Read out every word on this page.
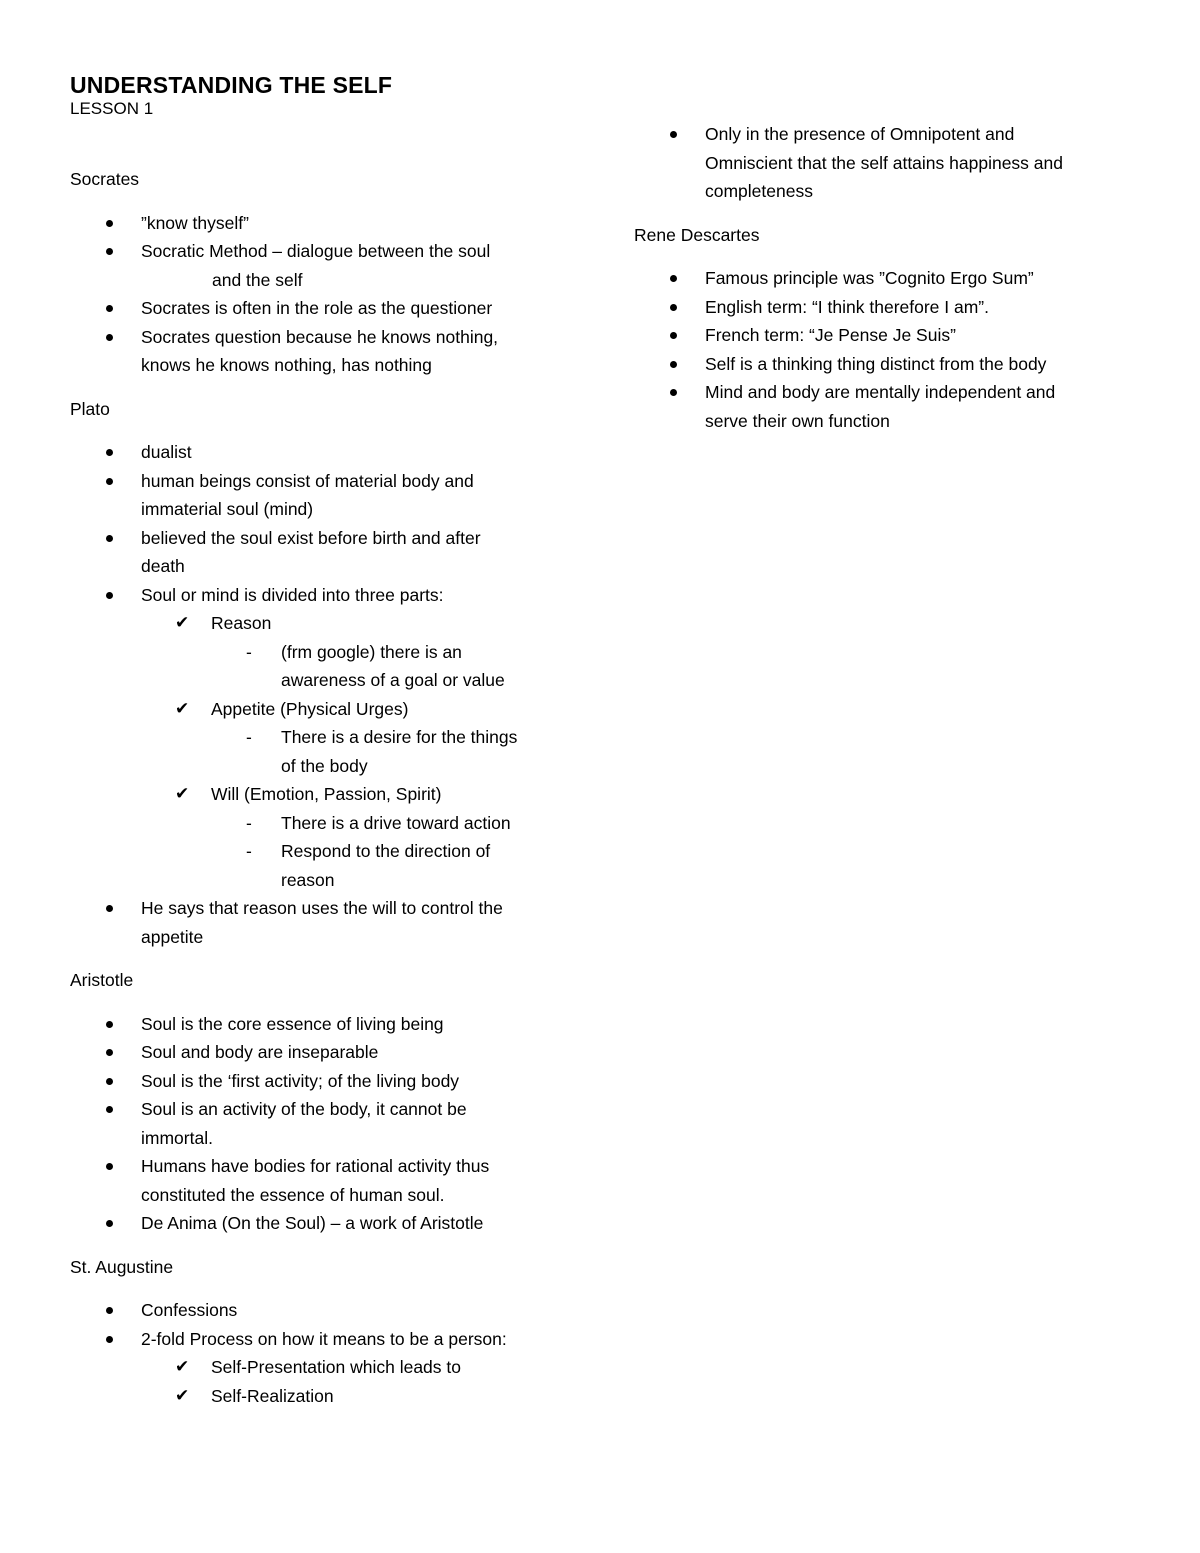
UNDERSTANDING THE SELF
LESSON 1

Socrates

”know thyself”
Socratic Method – dialogue between the soul
and the self
Socrates is often in the role as the questioner
Socrates question because he knows nothing,
knows he knows nothing, has nothing

Plato

dualist
human beings consist of material body and
immaterial soul (mind)
believed the soul exist before birth and after
death
Soul or mind is divided into three parts:
✔	Reason
- (frm google) there is an
awareness of a goal or value
✔	Appetite (Physical Urges)
- There is a desire for the things
of the body
✔	Will (Emotion, Passion, Spirit)
- There is a drive toward action
- Respond to the direction of
reason
He says that reason uses the will to control the
appetite

Aristotle

Soul is the core essence of living being
Soul and body are inseparable
Soul is the ‘first activity; of the living body
Soul is an activity of the body, it cannot be
immortal.
Humans have bodies for rational activity thus
constituted the essence of human soul.
De Anima (On the Soul) – a work of Aristotle

St. Augustine

Confessions
2-fold Process on how it means to be a person:
✔	Self-Presentation which leads to
✔	Self-Realization
Only in the presence of Omnipotent and
Omniscient that the self attains happiness and
completeness

Rene Descartes

Famous principle was ”Cognito Ergo Sum”
English term: “I think therefore I am”.
French term: “Je Pense Je Suis”
Self is a thinking thing distinct from the body
Mind and body are mentally independent and
serve their own function
